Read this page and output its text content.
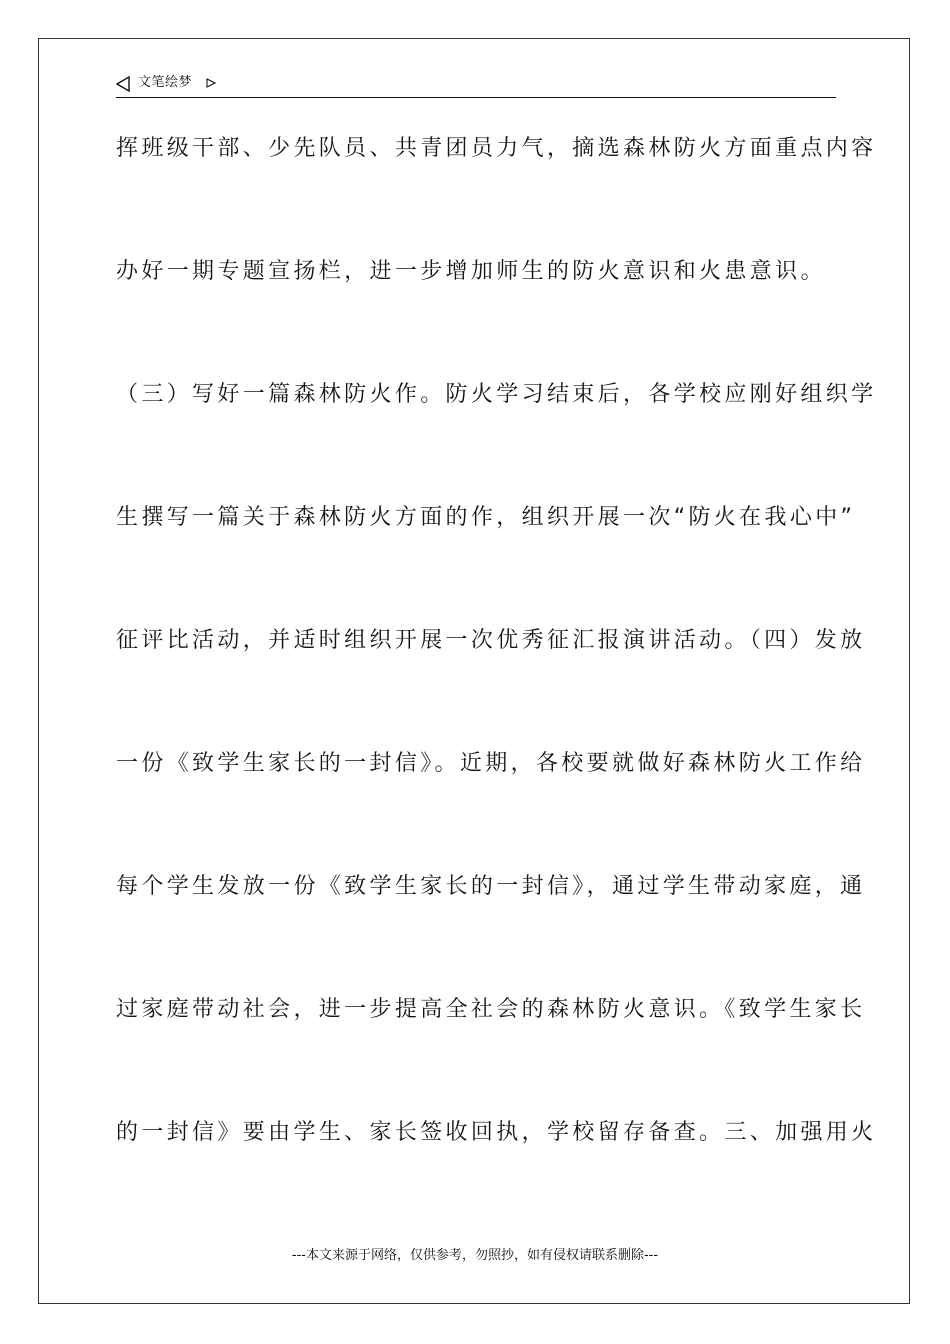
文笔绘梦
挥班级干部、少先队员、共青团员力气，摘选森林防火方面重点内容
办好一期专题宣扬栏，进一步增加师生的防火意识和火患意识。
（三）写好一篇森林防火作。防火学习结束后，各学校应刚好组织学
生撰写一篇关于森林防火方面的作，组织开展一次“防火在我心中”
征评比活动，并适时组织开展一次优秀征汇报演讲活动。（四）发放
一份《致学生家长的一封信》。近期，各校要就做好森林防火工作给
每个学生发放一份《致学生家长的一封信》，通过学生带动家庭，通
过家庭带动社会，进一步提高全社会的森林防火意识。《致学生家长
的一封信》要由学生、家长签收回执，学校留存备查。三、加强用火
---本文来源于网络，仅供参考，勿照抄，如有侵权请联系删除---
